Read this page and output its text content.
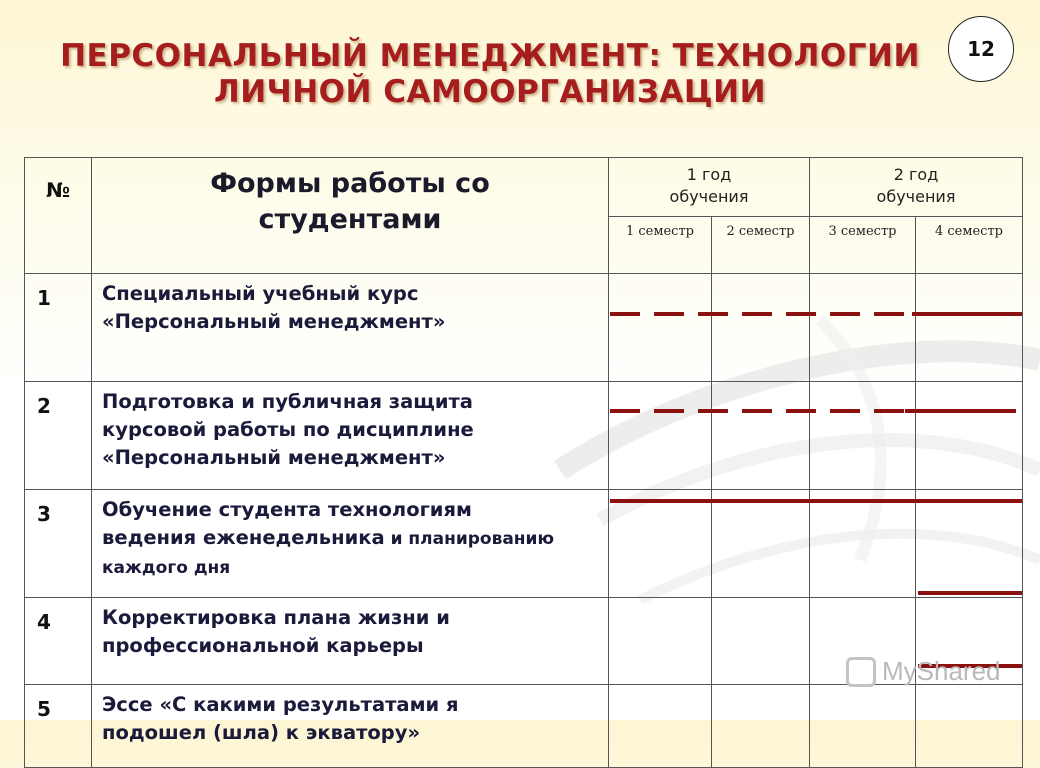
ПЕРСОНАЛЬНЫЙ МЕНЕДЖМЕНТ: ТЕХНОЛОГИИ
ЛИЧНОЙ САМООРГАНИЗАЦИИ
12
№	Формы работы со студентами	1 год обучения		2 год обучения	

		1 семестр	2 семестр	3 семестр	4 семестр

1	Специальный учебный курс «Персональный менеджмент»				

2	Подготовка и публичная защита курсовой работы по дисциплине «Персональный менеджмент»				

3	Обучение студента технологиям ведения еженедельника и планированию каждого дня				

4	Корректировка плана жизни и профессиональной карьеры				

5	Эссе «С какими результатами я подошел (шла) к экватору»				

MyShared
